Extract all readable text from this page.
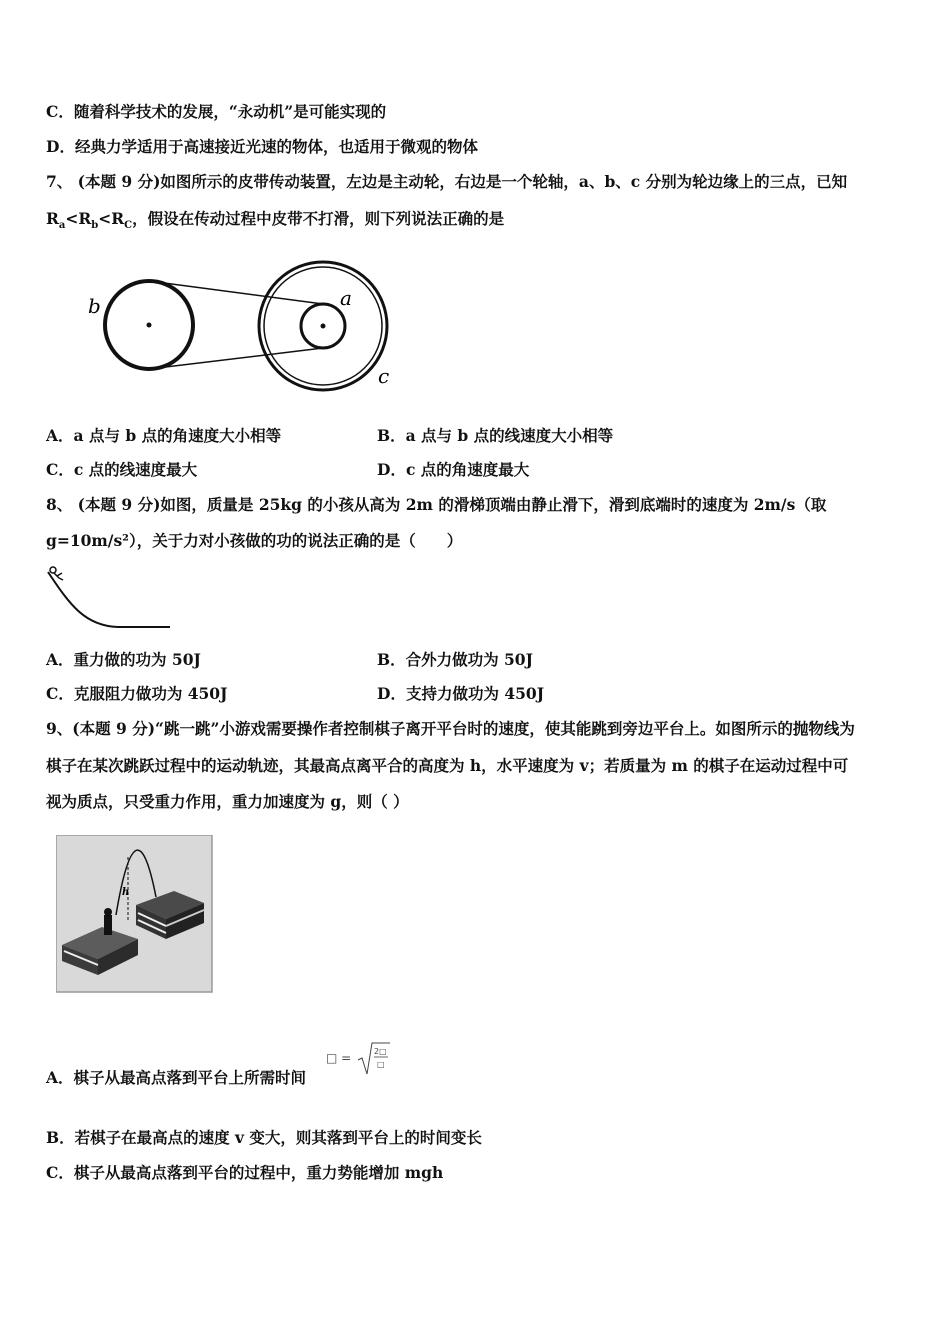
C．随着科学技术的发展，“永动机”是可能实现的
D．经典力学适用于高速接近光速的物体，也适用于微观的物体
7、 (本题 9 分)如图所示的皮带传动装置，左边是主动轮，右边是一个轮轴，a、b、c 分别为轮边缘上的三点，已知
$R_a<R_b<R_C$，假设在传动过程中皮带不打滑，则下列说法正确的是
b	a
c
A．a 点与 b 点的角速度大小相等	B．a 点与 b 点的线速度大小相等
C．c 点的线速度最大	D．c 点的角速度最大
8、 (本题 9 分)如图，质量是 25kg 的小孩从高为 2m 的滑梯顶端由静止滑下，滑到底端时的速度为 2m/s（取
g=10m/s²），关于力对小孩做的功的说法正确的是（　　）
A．重力做的功为 50J	B．合外力做功为 50J
C．克服阻力做功为 450J	D．支持力做功为 450J
9、(本题 9 分)“跳一跳”小游戏需要操作者控制棋子离开平台时的速度，使其能跳到旁边平台上。如图所示的抛物线为
棋子在某次跳跃过程中的运动轨迹，其最高点离平合的高度为 h，水平速度为 v；若质量为 m 的棋子在运动过程中可
视为质点，只受重力作用，重力加速度为 g，则（ ）
h
A．棋子从最高点落到平台上所需时间
□ =	2□
□
B．若棋子在最高点的速度 v 变大，则其落到平台上的时间变长
C．棋子从最高点落到平台的过程中，重力势能增加 mgh
